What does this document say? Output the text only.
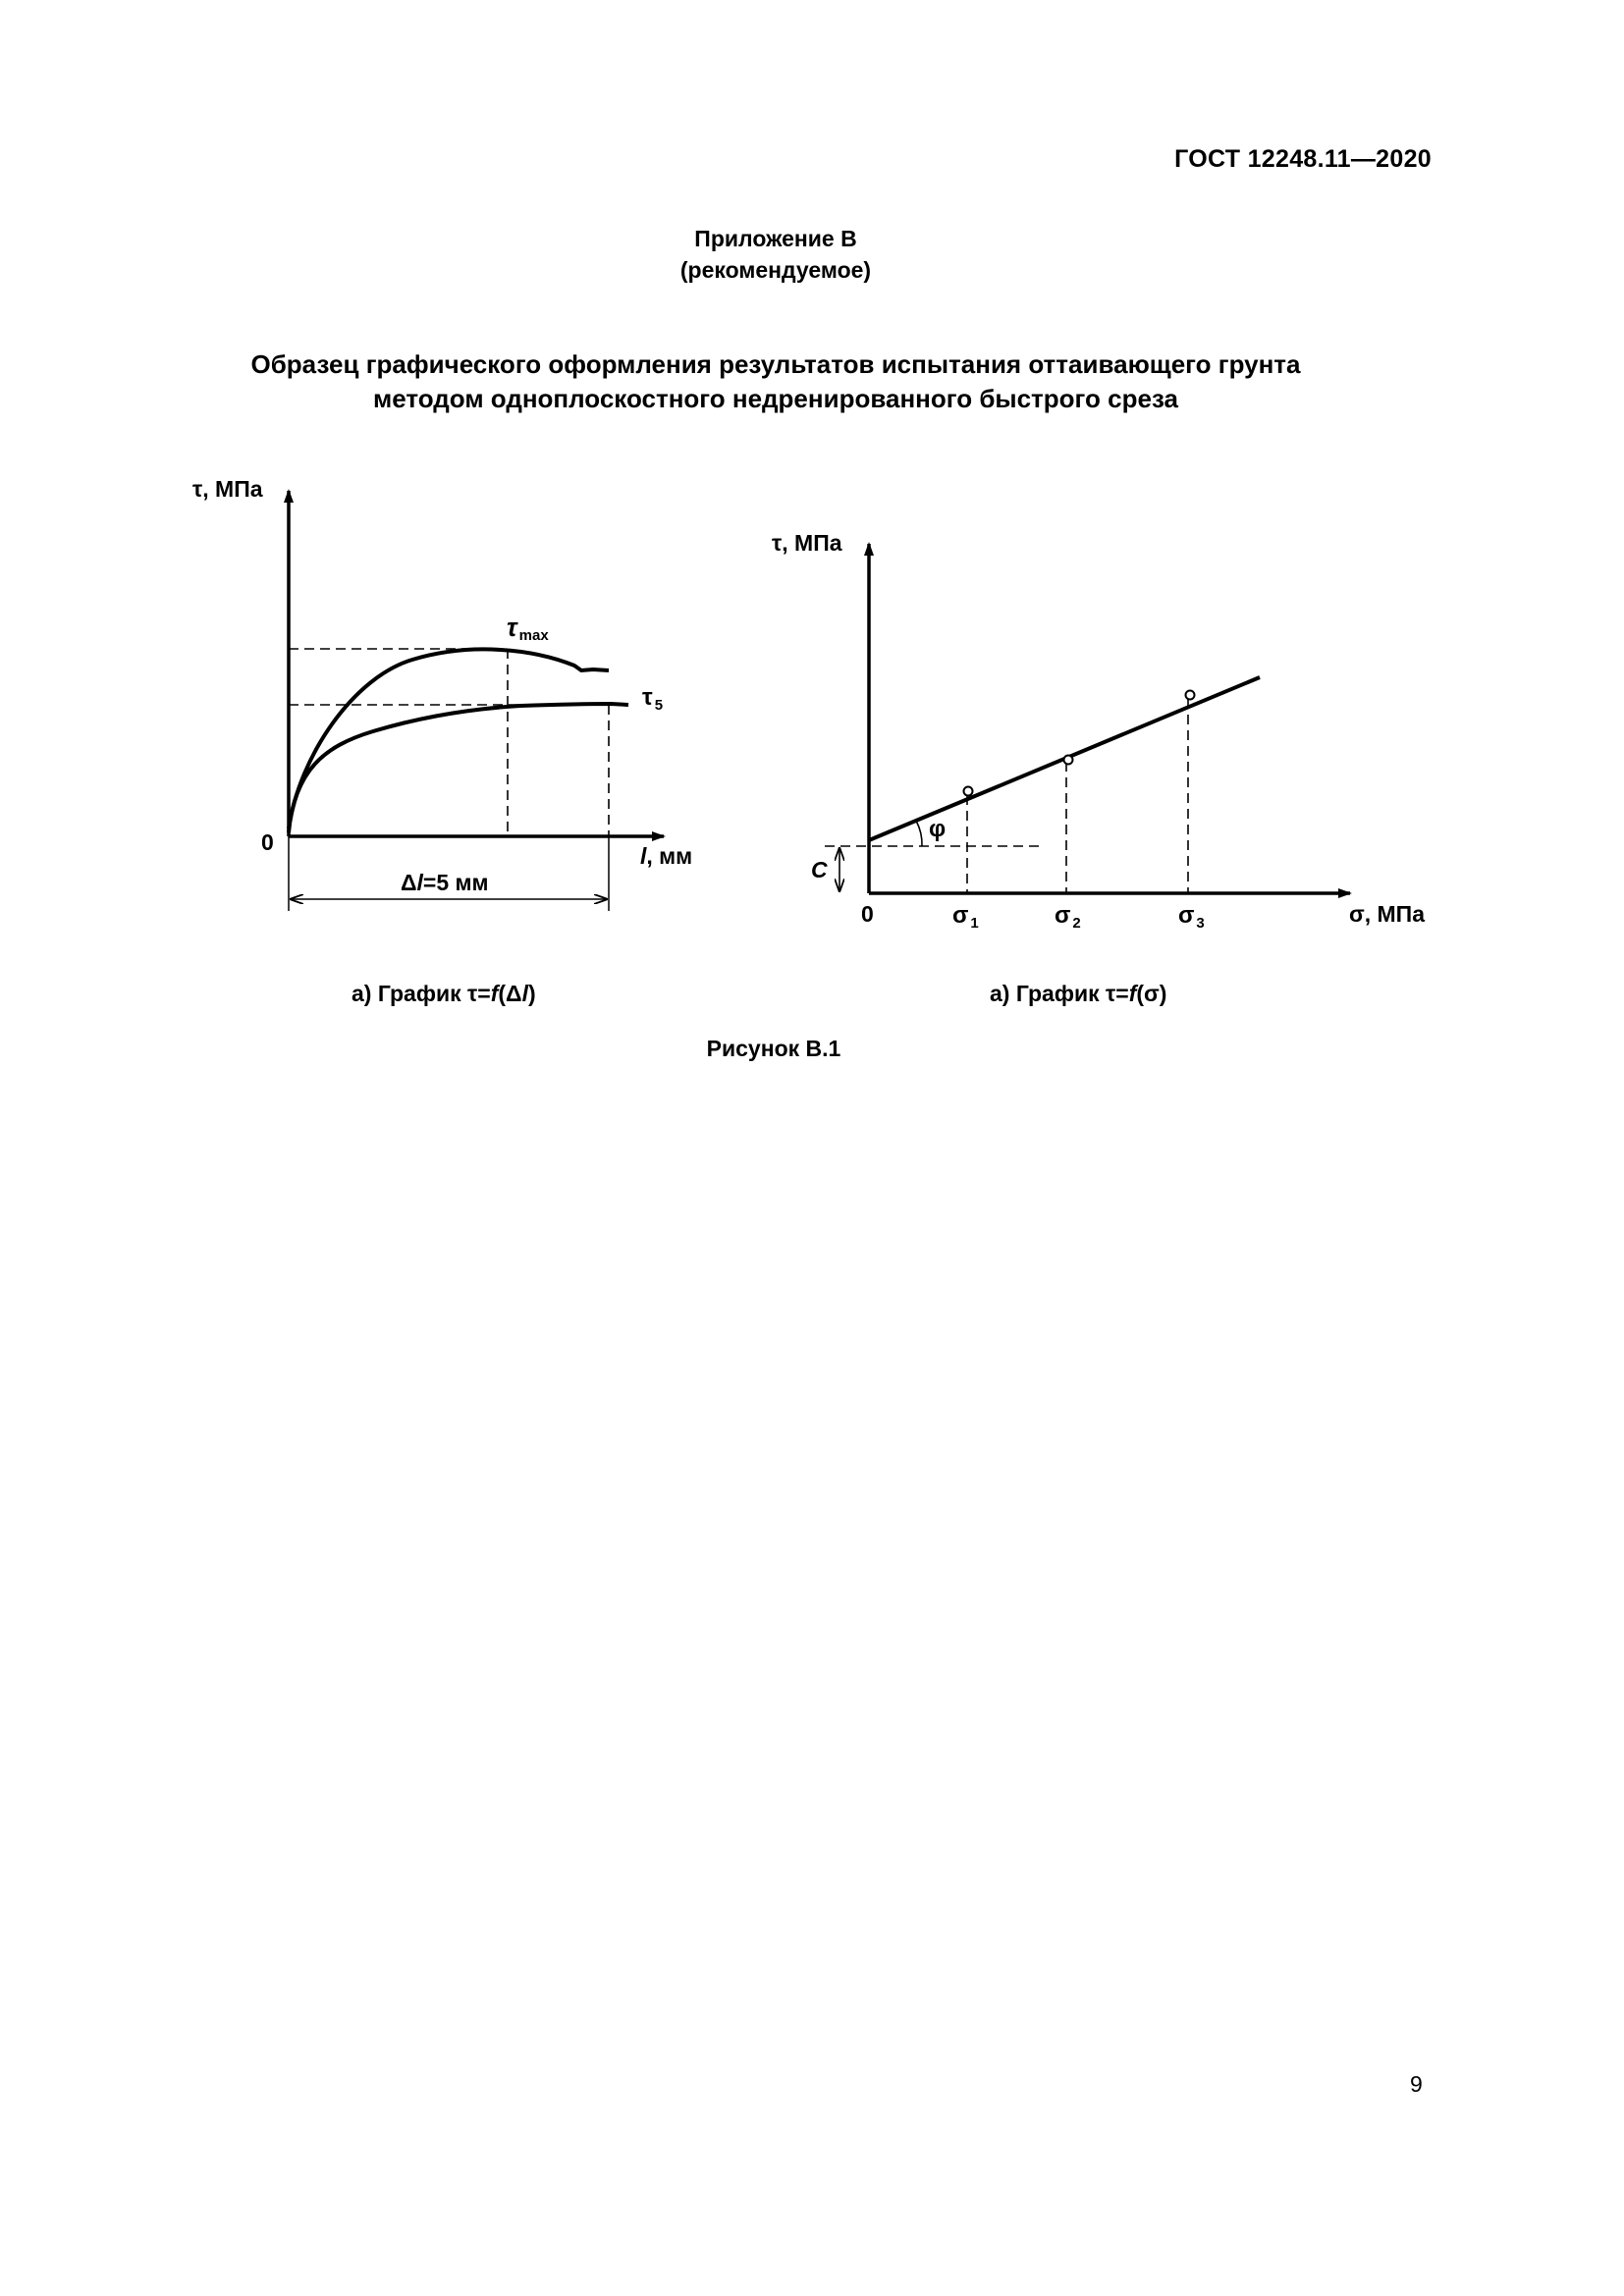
ГОСТ 12248.11—2020
Приложение В
(рекомендуемое)
Образец графического оформления результатов испытания оттаивающего грунта
методом одноплоскостного недренированного быстрого среза
τ, МПа
0
l, мм
τmax
τ $_5$
Δl=5 мм
τ, МПа
0	σ, МПа
C
φ
σ $_1$	σ $_2$	σ $_3$
а) График τ=f(Δl)	а) График τ=f(σ)
Рисунок В.1
9
